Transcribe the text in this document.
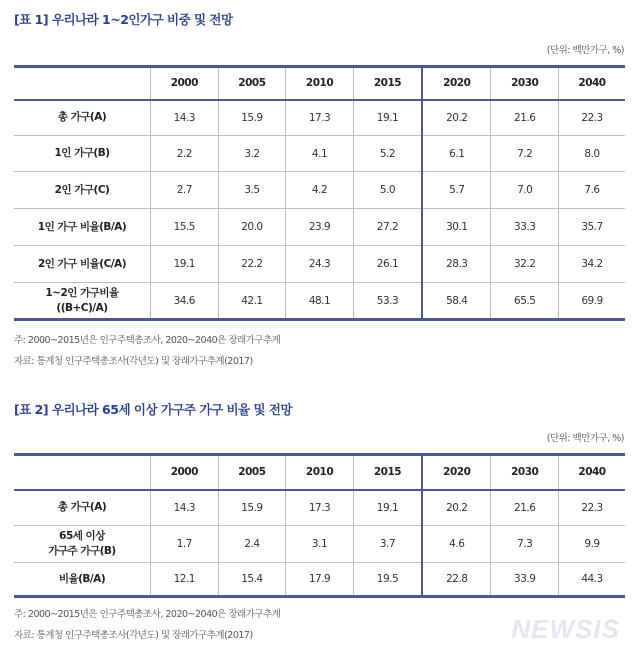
[표 1] 우리나라 1~2인가구 비중 및 전망
(단위: 백만가구, %)
	2000	2005	2010	2015	2020	2030	2040
총 가구(A)	14.3	15.9	17.3	19.1	20.2	21.6	22.3
1인 가구(B)	2.2	3.2	4.1	5.2	6.1	7.2	8.0
2인 가구(C)	2.7	3.5	4.2	5.0	5.7	7.0	7.6
1인 가구 비율(B/A)	15.5	20.0	23.9	27.2	30.1	33.3	35.7
2인 가구 비율(C/A)	19.1	22.2	24.3	26.1	28.3	32.2	34.2
1~2인 가구비율
((B+C)/A)	34.6	42.1	48.1	53.3	58.4	65.5	69.9
주: 2000~2015년은 인구주택총조사, 2020~2040은 장래가구추계
자료: 통계청 인구주택총조사(각년도) 및 장래가구추계(2017)
[표 2] 우리나라 65세 이상 가구주 가구 비율 및 전망
(단위: 백만가구, %)
	2000	2005	2010	2015	2020	2030	2040
총 가구(A)	14.3	15.9	17.3	19.1	20.2	21.6	22.3
65세 이상
가구주 가구(B)	1.7	2.4	3.1	3.7	4.6	7.3	9.9
비율(B/A)	12.1	15.4	17.9	19.5	22.8	33.9	44.3
주: 2000~2015년은 인구주택총조사, 2020~2040은 장래가구추계
자료: 통계청 인구주택총조사(각년도) 및 장래가구추계(2017)	NEWSIS
